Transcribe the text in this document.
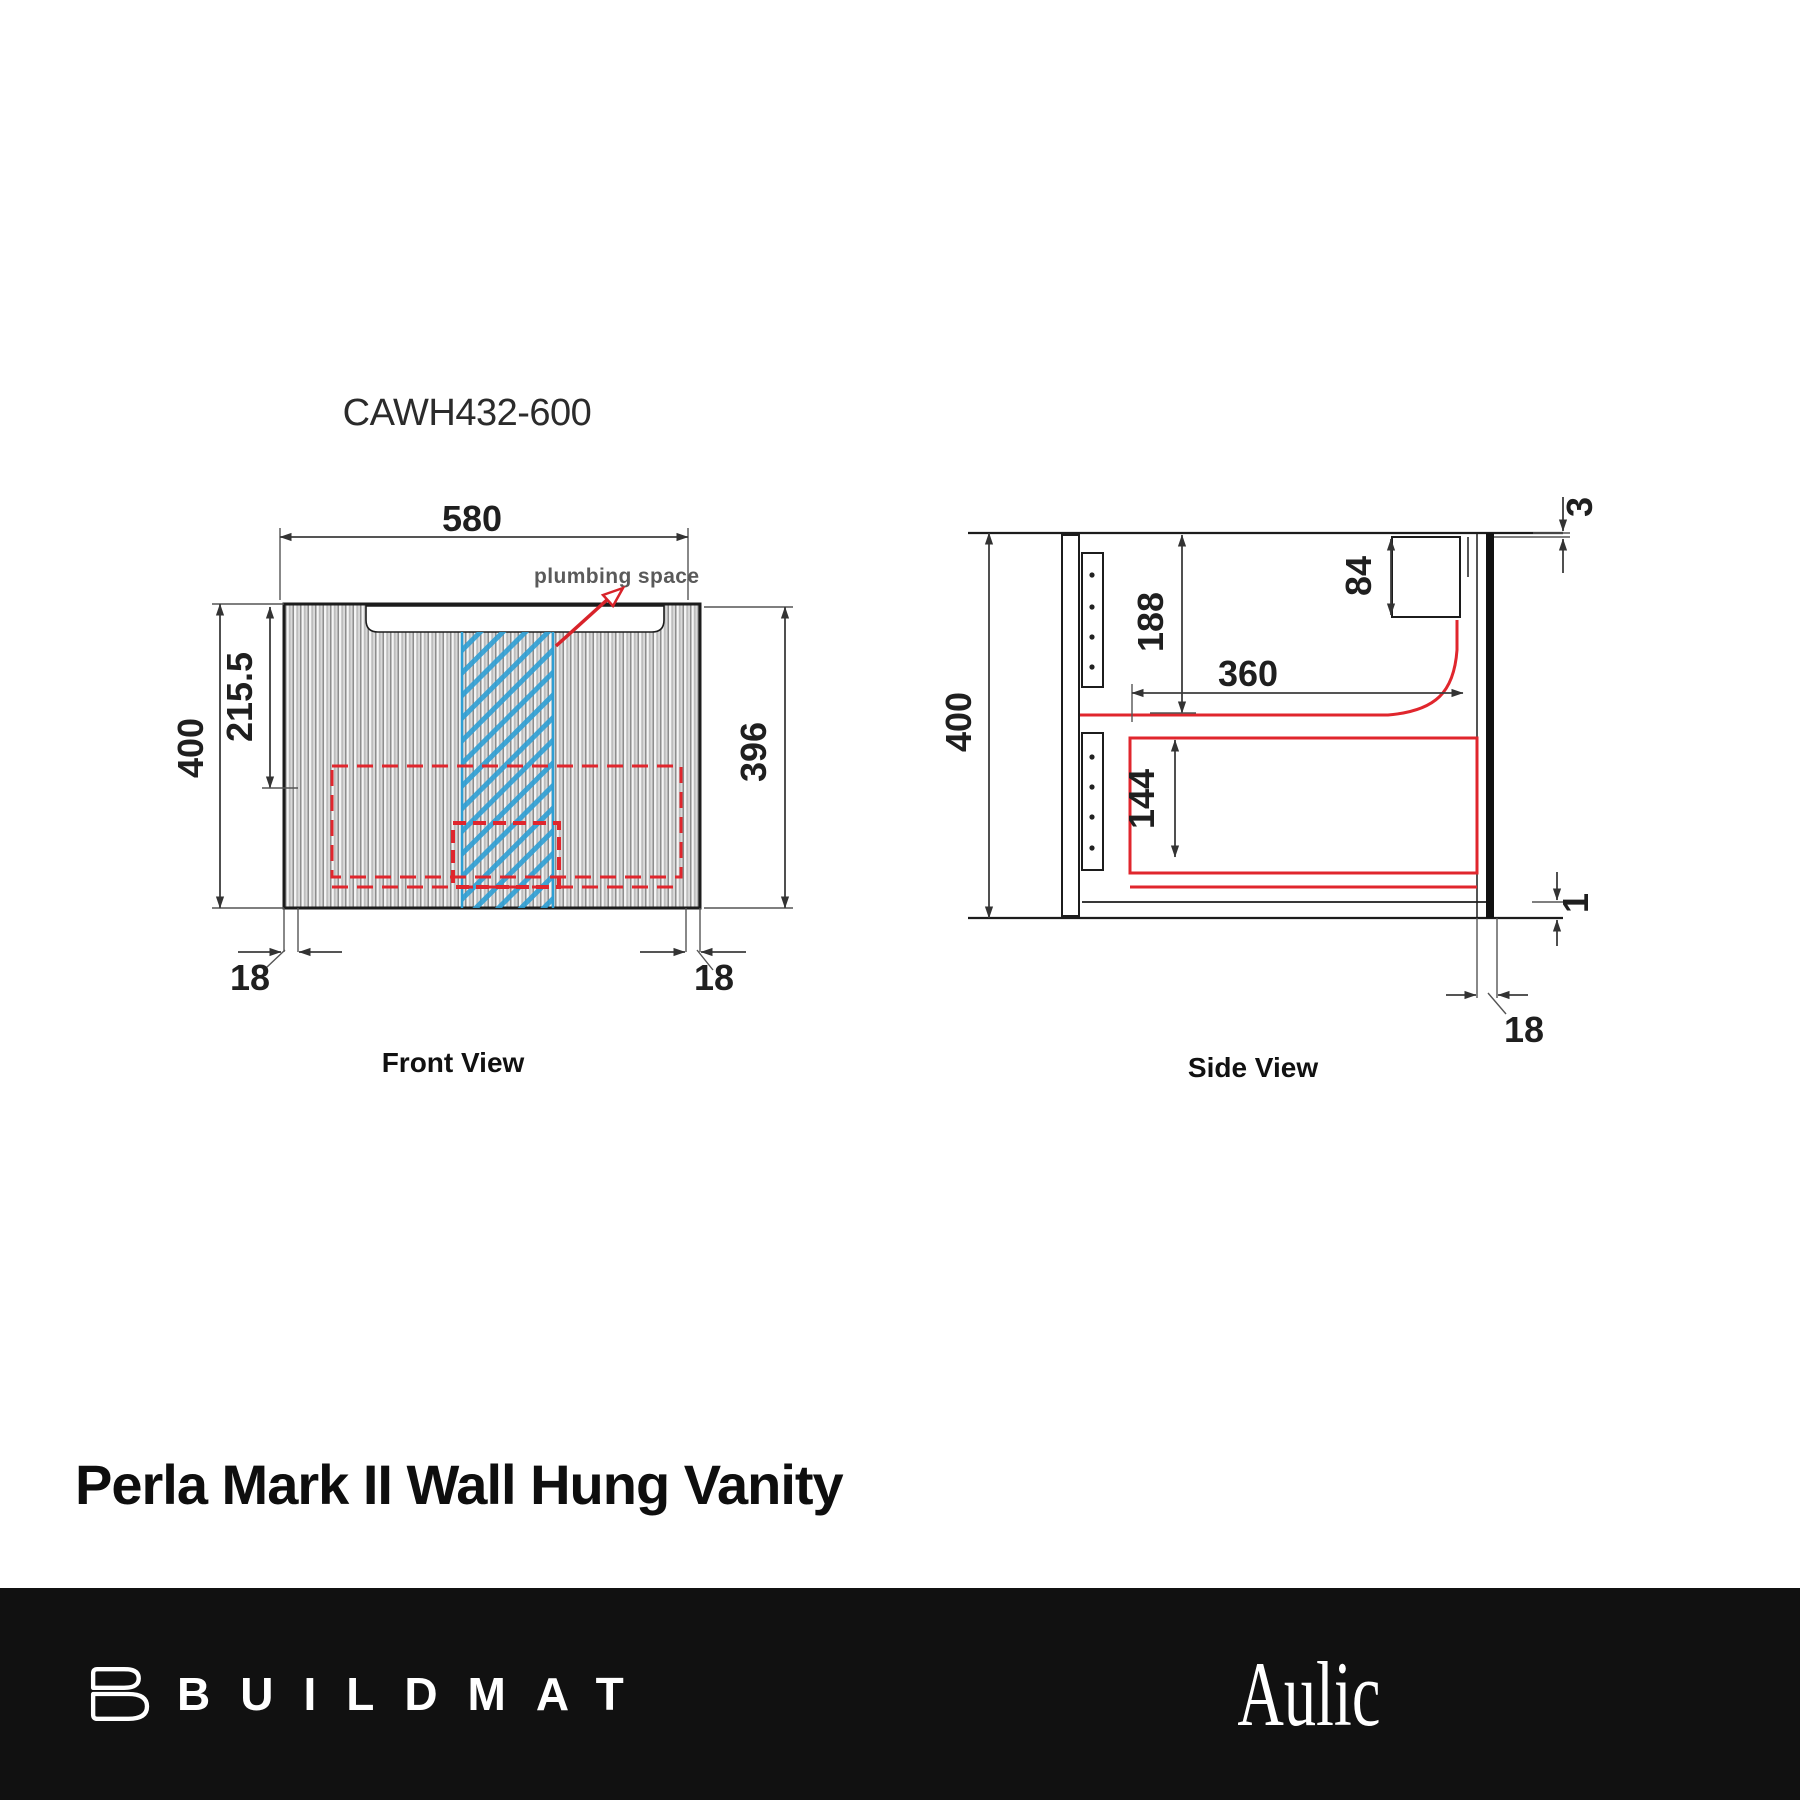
CAWH432-600
580
400
215.5
396
18	18
plumbing space
Front View
400
188
84
3
360
144
1
18
Side View
Perla Mark II Wall Hung Vanity
BUILDMAT	Aulic
